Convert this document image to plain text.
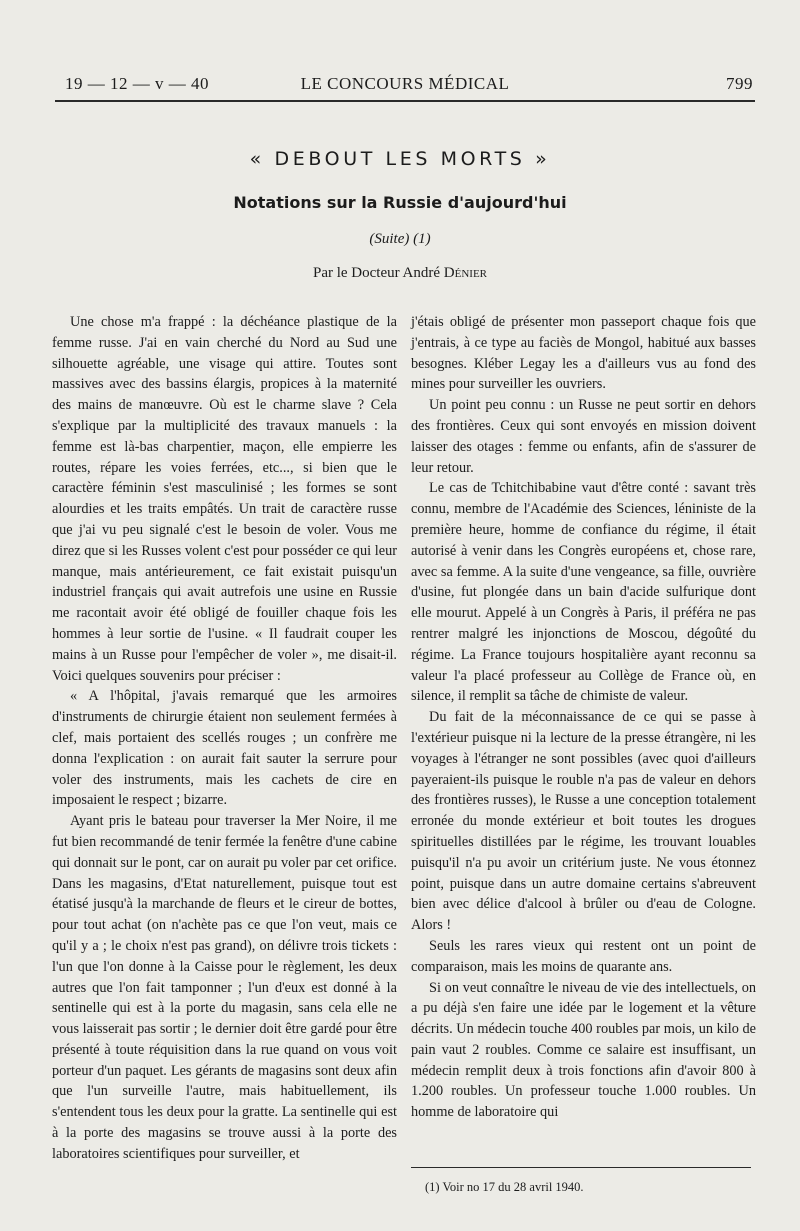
19 — 12 — v — 40	LE CONCOURS MÉDICAL	799
« DEBOUT LES MORTS »
Notations sur la Russie d'aujourd'hui
(Suite) (1)
Par le Docteur André Dénier

Une chose m'a frappé : la déchéance plastique de la femme russe. J'ai en vain cherché du Nord au Sud une silhouette agréable, une visage qui attire. Toutes sont massives avec des bassins élargis, propices à la maternité des mains de manœuvre. Où est le charme slave ? Cela s'explique par la multiplicité des travaux manuels : la femme est là-bas charpentier, maçon, elle empierre les routes, répare les voies ferrées, etc..., si bien que le caractère féminin s'est masculinisé ; les formes se sont alourdies et les traits empâtés. Un trait de caractère russe que j'ai vu peu signalé c'est le besoin de voler. Vous me direz que si les Russes volent c'est pour posséder ce qui leur manque, mais antérieurement, ce fait existait puisqu'un industriel français qui avait autrefois une usine en Russie me racontait avoir été obligé de fouiller chaque fois les hommes à leur sortie de l'usine. « Il faudrait couper les mains à un Russe pour l'empêcher de voler », me disait-il. Voici quelques souvenirs pour préciser :

« A l'hôpital, j'avais remarqué que les armoires d'instruments de chirurgie étaient non seulement fermées à clef, mais portaient des scellés rouges ; un confrère me donna l'explication : on aurait fait sauter la serrure pour voler des instruments, mais les cachets de cire en imposaient le respect ; bizarre.

Ayant pris le bateau pour traverser la Mer Noire, il me fut bien recommandé de tenir fermée la fenêtre d'une cabine qui donnait sur le pont, car on aurait pu voler par cet orifice. Dans les magasins, d'Etat naturellement, puisque tout est étatisé jusqu'à la marchande de fleurs et le cireur de bottes, pour tout achat (on n'achète pas ce que l'on veut, mais ce qu'il y a ; le choix n'est pas grand), on délivre trois tickets : l'un que l'on donne à la Caisse pour le règlement, les deux autres que l'on fait tamponner ; l'un d'eux est donné à la sentinelle qui est à la porte du magasin, sans cela elle ne vous laisserait pas sortir ; le dernier doit être gardé pour être présenté à toute réquisition dans la rue quand on vous voit porteur d'un paquet. Les gérants de magasins sont deux afin que l'un surveille l'autre, mais habituellement, ils s'entendent tous les deux pour la gratte. La sentinelle qui est à la porte des magasins se trouve aussi à la porte des laboratoires scientifiques pour surveiller, et

j'étais obligé de présenter mon passeport chaque fois que j'entrais, à ce type au faciès de Mongol, habitué aux basses besognes. Kléber Legay les a d'ailleurs vus au fond des mines pour surveiller les ouvriers.

Un point peu connu : un Russe ne peut sortir en dehors des frontières. Ceux qui sont envoyés en mission doivent laisser des otages : femme ou enfants, afin de s'assurer de leur retour.

Le cas de Tchitchibabine vaut d'être conté : savant très connu, membre de l'Académie des Sciences, léniniste de la première heure, homme de confiance du régime, il était autorisé à venir dans les Congrès européens et, chose rare, avec sa femme. A la suite d'une vengeance, sa fille, ouvrière d'usine, fut plongée dans un bain d'acide sulfurique dont elle mourut. Appelé à un Congrès à Paris, il préféra ne pas rentrer malgré les injonctions de Moscou, dégoûté du régime. La France toujours hospitalière ayant reconnu sa valeur l'a placé professeur au Collège de France où, en silence, il remplit sa tâche de chimiste de valeur.

Du fait de la méconnaissance de ce qui se passe à l'extérieur puisque ni la lecture de la presse étrangère, ni les voyages à l'étranger ne sont possibles (avec quoi d'ailleurs payeraient-ils puisque le rouble n'a pas de valeur en dehors des frontières russes), le Russe a une conception totalement erronée du monde extérieur et boit toutes les drogues spirituelles distillées par le régime, les trouvant louables puisqu'il n'a pu avoir un critérium juste. Ne vous étonnez point, puisque dans un autre domaine certains s'abreuvent bien avec délice d'alcool à brûler ou d'eau de Cologne. Alors !

Seuls les rares vieux qui restent ont un point de comparaison, mais les moins de quarante ans.

Si on veut connaître le niveau de vie des intellectuels, on a pu déjà s'en faire une idée par le logement et la vêture décrits. Un médecin touche 400 roubles par mois, un kilo de pain vaut 2 roubles. Comme ce salaire est insuffisant, un médecin remplit deux à trois fonctions afin d'avoir 800 à 1.200 roubles. Un professeur touche 1.000 roubles. Un homme de laboratoire qui

(1) Voir no 17 du 28 avril 1940.
